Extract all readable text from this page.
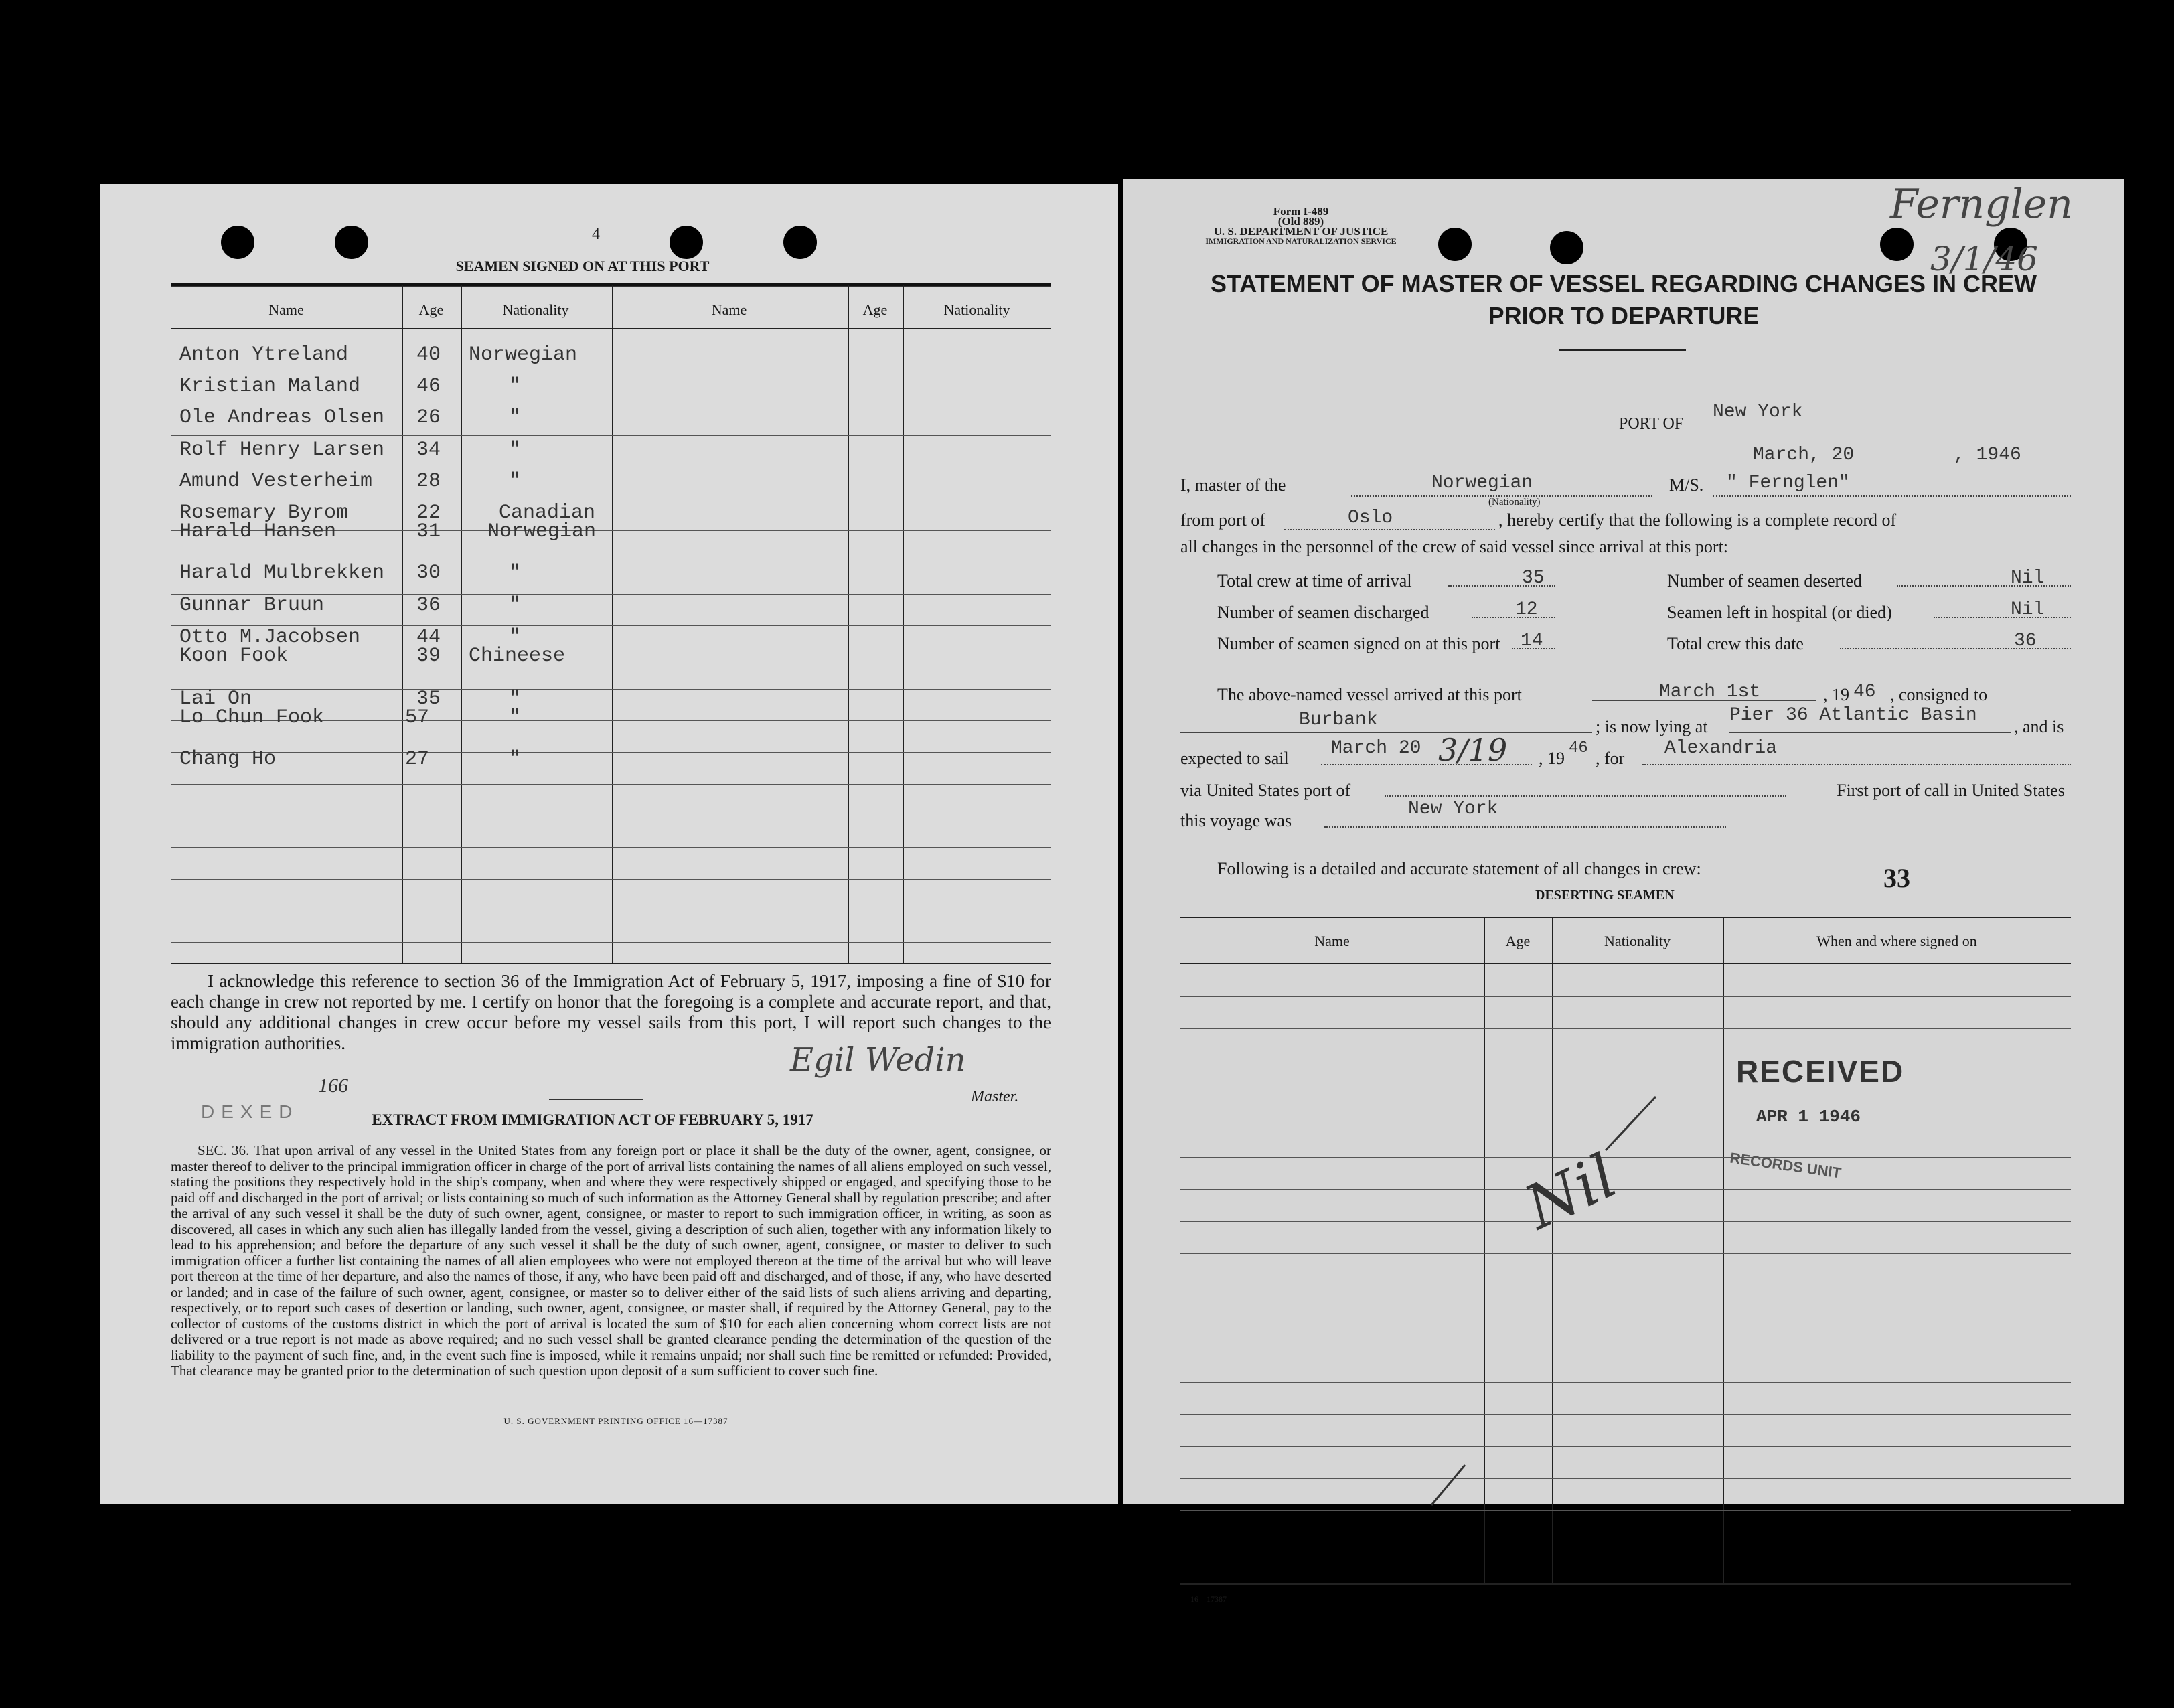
4
SEAMEN SIGNED ON AT THIS PORT
Name	Age	Nationality	Name	Age	Nationality
Anton Ytreland	40 Norwegian
Kristian Maland	46	"
Ole Andreas Olsen 26	"
Rolf Henry Larsen 34	"
Amund Vesterheim 28	"
Rosemary Byrom	22	Canadian
Harald Hansen	31 Norwegian
Harald Mulbrekken 30	"
Gunnar Bruun	36	"
Otto M.Jacobsen	44	"
Koon Fook	39 Chineese
Lai On	35	"
Lo Chun Fook	57	"
Chang Ho	27	"
I acknowledge this reference to section 36 of the Immigration Act of February 5, 1917, imposing a fine of $10 for each change in crew not reported by me. I certify on honor that the foregoing is a complete and accurate report, and that, should any additional changes in crew occur before my vessel sails from this port, I will report such changes to the immigration authorities.	Egil Wedin
Master.
DEXED
166
EXTRACT FROM IMMIGRATION ACT OF FEBRUARY 5, 1917
SEC. 36. That upon arrival of any vessel in the United States from any foreign port or place it shall be the duty of the owner, agent, consignee, or master thereof to deliver to the principal immigration officer in charge of the port of arrival lists containing the names of all aliens employed on such vessel, stating the positions they respectively hold in the ship's company, when and where they were respectively shipped or engaged, and specifying those to be paid off and discharged in the port of arrival; or lists containing so much of such information as the Attorney General shall by regulation prescribe; and after the arrival of any such vessel it shall be the duty of such owner, agent, consignee, or master to report to such immigration officer, in writing, as soon as discovered, all cases in which any such alien has illegally landed from the vessel, giving a description of such alien, together with any information likely to lead to his apprehension; and before the departure of any such vessel it shall be the duty of such owner, agent, consignee, or master to deliver to such immigration officer a further list containing the names of all alien employees who were not employed thereon at the time of the arrival but who will leave port thereon at the time of her departure, and also the names of those, if any, who have been paid off and discharged, and of those, if any, who have deserted or landed; and in case of the failure of such owner, agent, consignee, or master so to deliver either of the said lists of such aliens arriving and departing, respectively, or to report such cases of desertion or landing, such owner, agent, consignee, or master shall, if required by the Attorney General, pay to the collector of customs of the customs district in which the port of arrival is located the sum of $10 for each alien concerning whom correct lists are not delivered or a true report is not made as above required; and no such vessel shall be granted clearance pending the determination of the question of the liability to the payment of such fine, and, in the event such fine is imposed, while it remains unpaid; nor shall such fine be remitted or refunded: Provided, That clearance may be granted prior to the determination of such question upon deposit of a sum sufficient to cover such fine.
U. S. GOVERNMENT PRINTING OFFICE 16—17387
Form I-489
(Old 889)
U. S. DEPARTMENT OF JUSTICE
IMMIGRATION AND NATURALIZATION SERVICE
Fernglen
3/1/46
STATEMENT OF MASTER OF VESSEL REGARDING CHANGES IN CREW
PRIOR TO DEPARTURE
PORT OF
New York
March, 20	, 1946
I, master of the	Norwegian
(Nationality)
M/S. " Fernglen"
from port of	Oslo	, hereby certify that the following is a complete record of
all changes in the personnel of the crew of said vessel since arrival at this port:
Total crew at time of arrival	35	Number of seamen deserted	Nil
Number of seamen discharged	12	Seamen left in hospital (or died)	Nil
Number of seamen signed on at this port 14	Total crew this date	36
The above-named vessel arrived at this port	March 1st	, 19 46 , consigned to
Burbank	; is now lying at
Pier 36 Atlantic Basin
, and is
expected to sail March 20 3/19 , 19
46
, for Alexandria
via United States port of	First port of call in United States
this voyage was
New York
Following is a detailed and accurate statement of all changes in crew:
DESERTING SEAMEN
33
Name	Age	Nationality	When and where signed on
Nil
RECEIVED
APR 1 1946
RECORDS UNIT
16—17387
